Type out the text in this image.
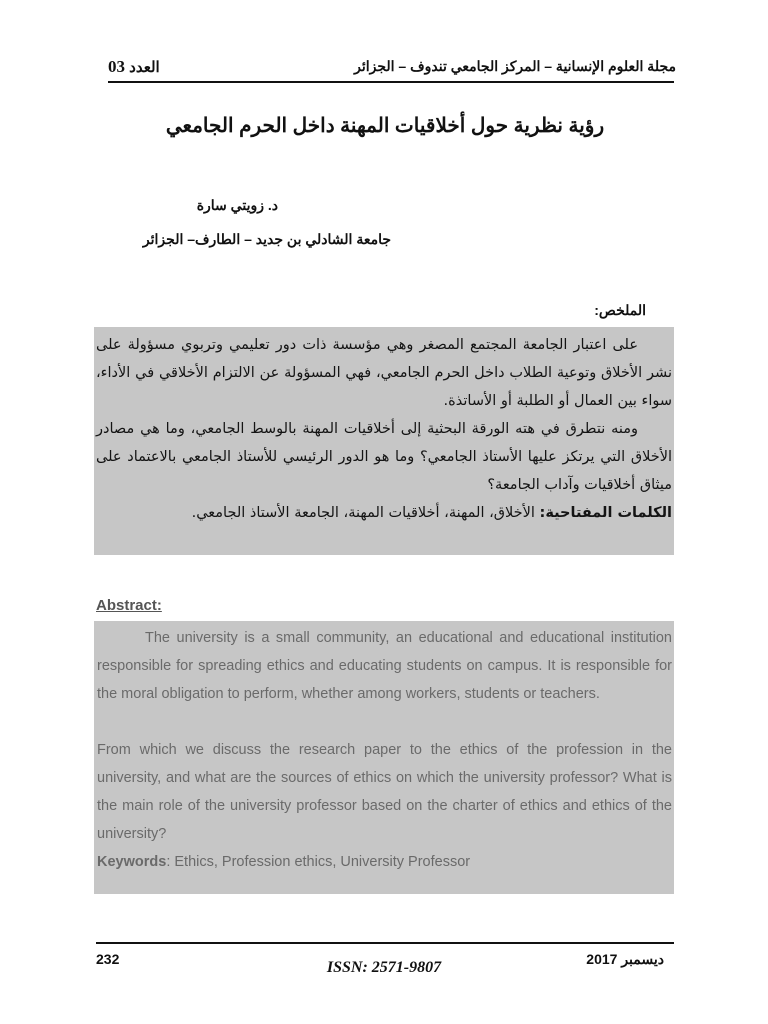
مجلة العلوم الإنسانية – المركز الجامعي تندوف – الجزائر
العدد 03
رؤية نظرية حول أخلاقيات المهنة داخل الحرم الجامعي
د. زويتي سارة
جامعة الشادلي بن جديد – الطارف– الجزائر
الملخص:

على اعتبار الجامعة المجتمع المصغر وهي مؤسسة ذات دور تعليمي وتربوي مسؤولة على نشر الأخلاق وتوعية الطلاب داخل الحرم الجامعي، فهي المسؤولة عن الالتزام الأخلاقي في الأداء، سواء بين العمال أو الطلبة أو الأساتذة.

ومنه نتطرق في هته الورقة البحثية إلى أخلاقيات المهنة بالوسط الجامعي، وما هي مصادر الأخلاق التي يرتكز عليها الأستاذ الجامعي؟ وما هو الدور الرئيسي للأستاذ الجامعي بالاعتماد على ميثاق أخلاقيات وآداب الجامعة؟

الكلمات المفتاحية: الأخلاق، المهنة، أخلاقيات المهنة، الجامعة الأستاذ الجامعي.

Abstract:

The university is a small community, an educational and educational institution responsible for spreading ethics and educating students on campus. It is responsible for the moral obligation to perform, whether among workers, students or teachers.

From which we discuss the research paper to the ethics of the profession in the university, and what are the sources of ethics on which the university professor? What is the main role of the university professor based on the charter of ethics and ethics of the university?

Keywords: Ethics, Profession ethics, University Professor

232	ديسمبر 2017
ISSN: 2571-9807
